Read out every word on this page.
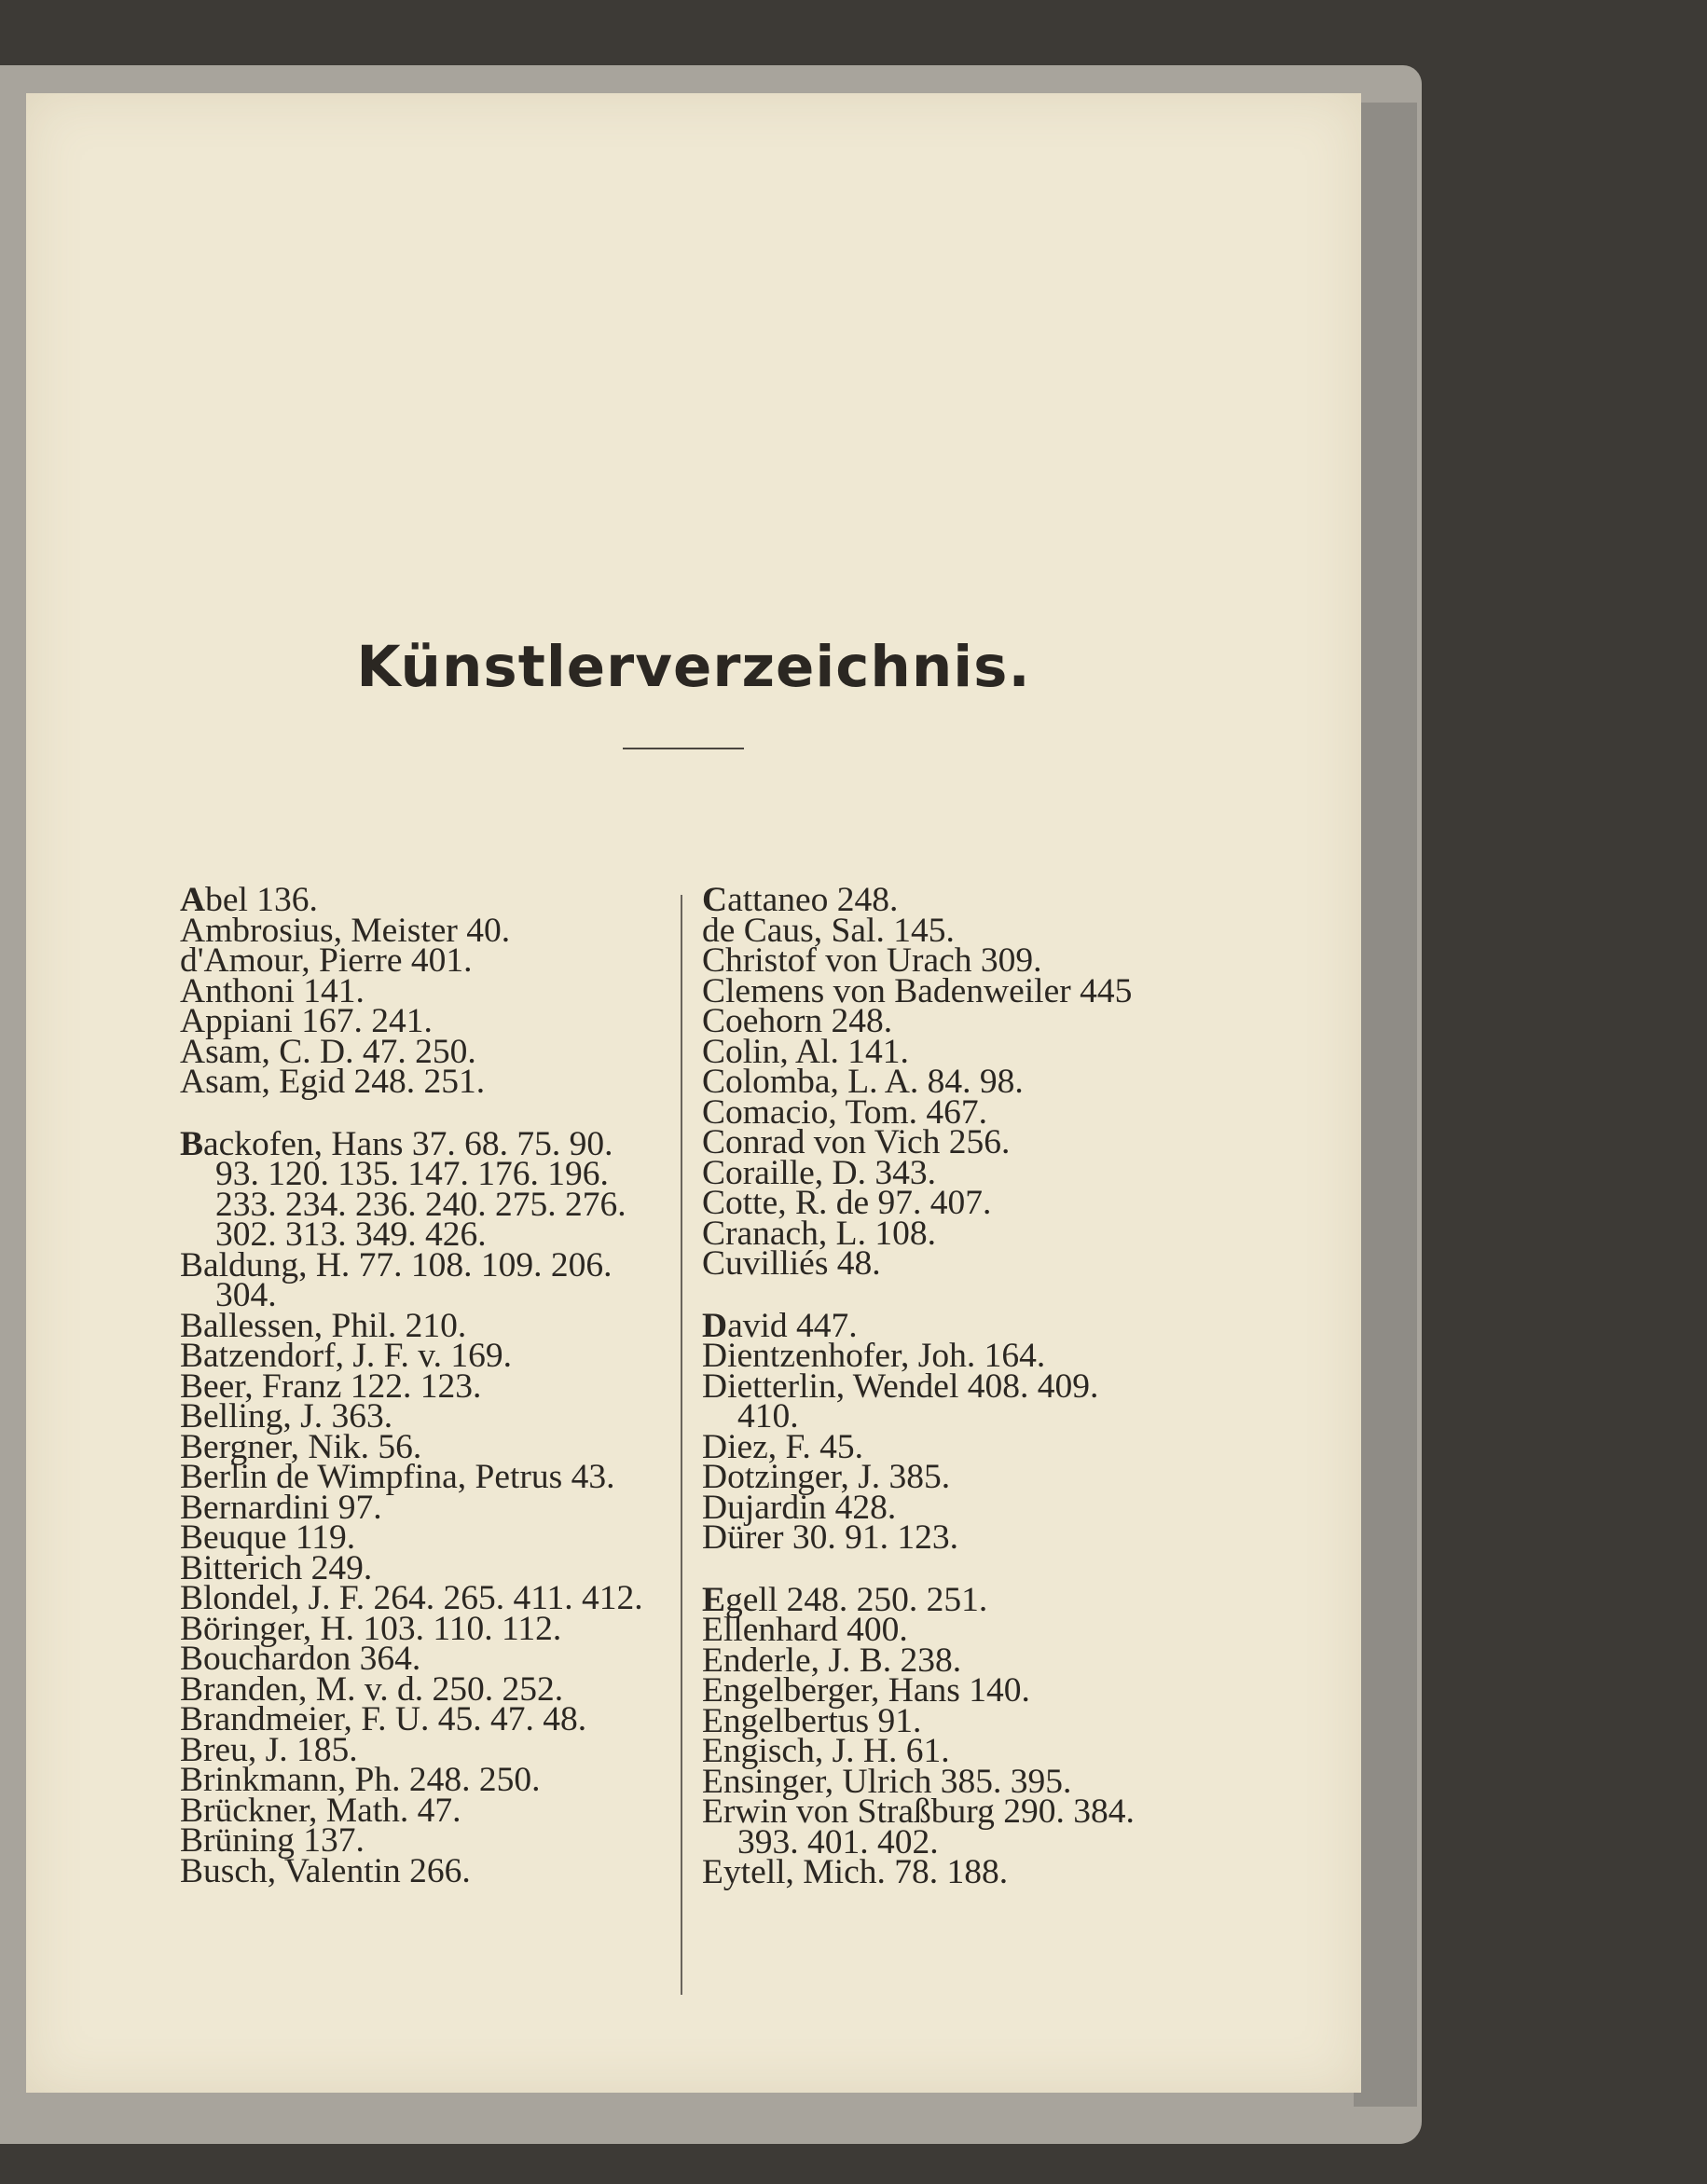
Künstlerverzeichnis.
Abel 136.
Ambrosius, Meister 40.
d'Amour, Pierre 401.
Anthoni 141.
Appiani 167. 241.
Asam, C. D. 47. 250.
Asam, Egid 248. 251.
Backofen, Hans 37. 68. 75. 90.
93. 120. 135. 147. 176. 196.
233. 234. 236. 240. 275. 276.
302. 313. 349. 426.
Baldung, H. 77. 108. 109. 206.
304.
Ballessen, Phil. 210.
Batzendorf, J. F. v. 169.
Beer, Franz 122. 123.
Belling, J. 363.
Bergner, Nik. 56.
Berlin de Wimpfina, Petrus 43.
Bernardini 97.
Beuque 119.
Bitterich 249.
Blondel, J. F. 264. 265. 411. 412.
Böringer, H. 103. 110. 112.
Bouchardon 364.
Branden, M. v. d. 250. 252.
Brandmeier, F. U. 45. 47. 48.
Breu, J. 185.
Brinkmann, Ph. 248. 250.
Brückner, Math. 47.
Brüning 137.
Busch, Valentin 266.
Cattaneo 248.
de Caus, Sal. 145.
Christof von Urach 309.
Clemens von Badenweiler 445
Coehorn 248.
Colin, Al. 141.
Colomba, L. A. 84. 98.
Comacio, Tom. 467.
Conrad von Vich 256.
Coraille, D. 343.
Cotte, R. de 97. 407.
Cranach, L. 108.
Cuvilliés 48.
David 447.
Dientzenhofer, Joh. 164.
Dietterlin, Wendel 408. 409.
410.
Diez, F. 45.
Dotzinger, J. 385.
Dujardin 428.
Dürer 30. 91. 123.
Egell 248. 250. 251.
Ellenhard 400.
Enderle, J. B. 238.
Engelberger, Hans 140.
Engelbertus 91.
Engisch, J. H. 61.
Ensinger, Ulrich 385. 395.
Erwin von Straßburg 290. 384.
393. 401. 402.
Eytell, Mich. 78. 188.
